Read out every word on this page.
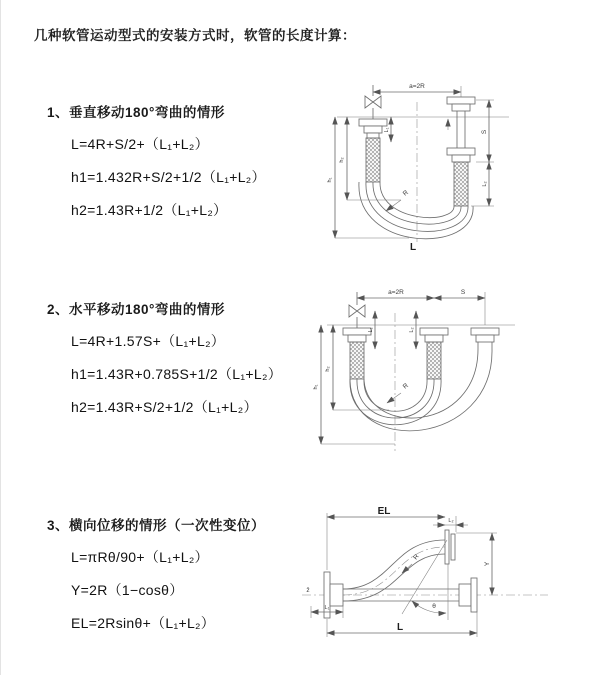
几种软管运动型式的安装方式时，软管的长度计算：
1、垂直移动180°弯曲的情形
L=4R+S/2+（L₁+L₂）
h1=1.432R+S/2+1/2（L₁+L₂）
h2=1.43R+1/2（L₁+L₂）
2、水平移动180°弯曲的情形
L=4R+1.57S+（L₁+L₂）
h1=1.43R+0.785S+1/2（L₁+L₂）
h2=1.43R+S/2+1/2（L₁+L₂）
3、横向位移的情形（一次性变位）
L=πRθ/90+（L₁+L₂）
Y=2R（1−cosθ）
EL=2Rsinθ+（L₁+L₂）
a=2R
R
h₁
h₂
L₁	S
L₂
L
a=2R	S
L₁	L₂
h₁
h₂
R
z̄
EL
L₂
Y
θ
R
L₁
L
